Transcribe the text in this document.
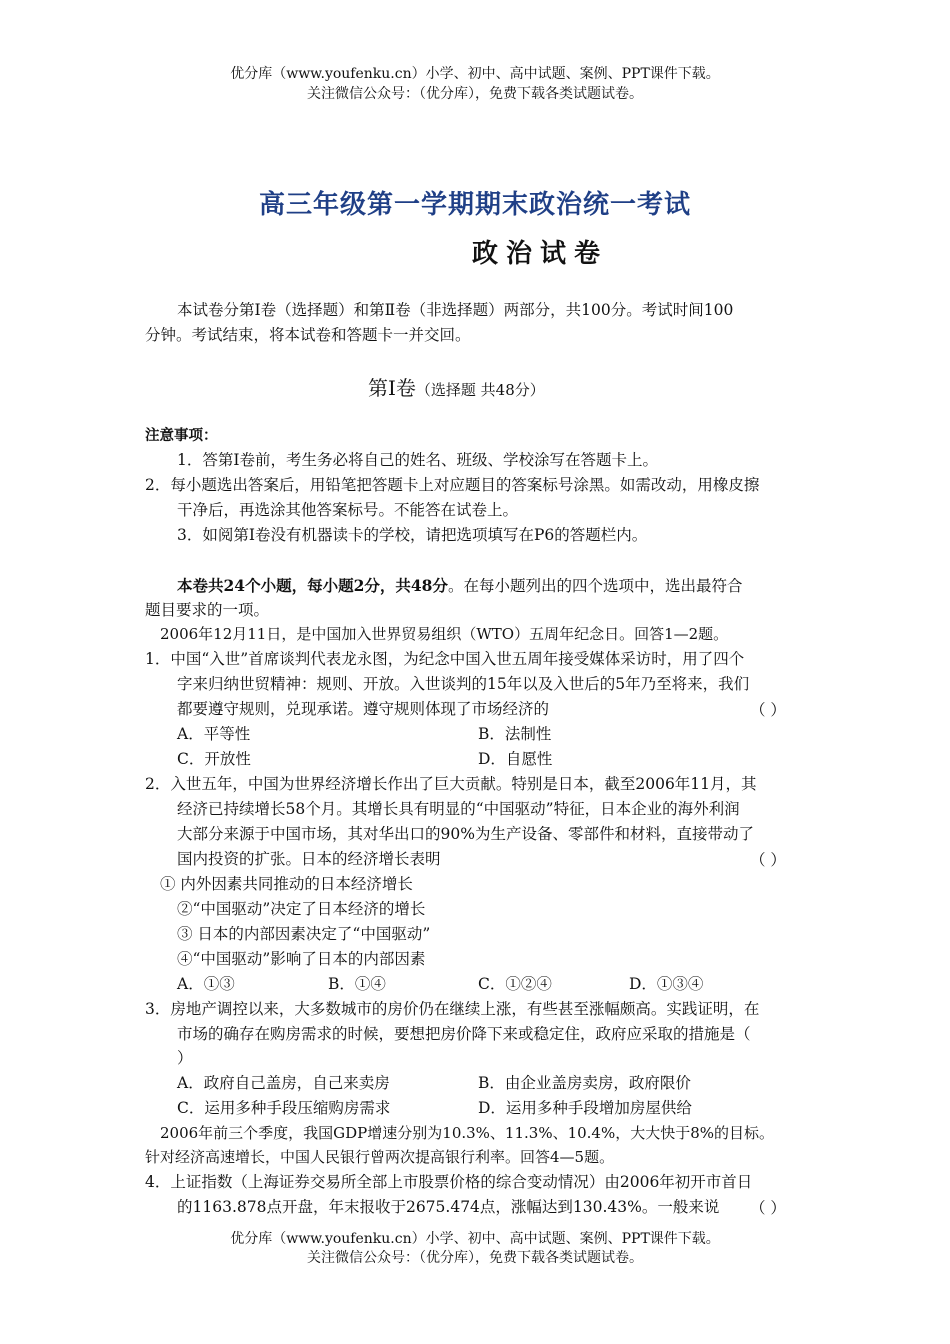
优分库（www.youfenku.cn）小学、初中、高中试题、案例、PPT课件下载。
关注微信公众号：（优分库），免费下载各类试题试卷。
高三年级第一学期期末政治统一考试
政治试卷
本试卷分第Ⅰ卷（选择题）和第Ⅱ卷（非选择题）两部分，共100分。考试时间100
分钟。考试结束，将本试卷和答题卡一并交回。
第Ⅰ卷（选择题 共48分）
注意事项：
1．答第Ⅰ卷前，考生务必将自己的姓名、班级、学校涂写在答题卡上。
2．每小题选出答案后，用铅笔把答题卡上对应题目的答案标号涂黑。如需改动，用橡皮擦
干净后，再选涂其他答案标号。不能答在试卷上。
3．如阅第Ⅰ卷没有机器读卡的学校，请把选项填写在P6的答题栏内。
本卷共24个小题，每小题2分，共48分。在每小题列出的四个选项中，选出最符合
题目要求的一项。
2006年12月11日，是中国加入世界贸易组织（WTO）五周年纪念日。回答1—2题。
1．中国“入世”首席谈判代表龙永图，为纪念中国入世五周年接受媒体采访时，用了四个
字来归纳世贸精神：规则、开放。入世谈判的15年以及入世后的5年乃至将来，我们
都要遵守规则，兑现承诺。遵守规则体现了市场经济的	（ ）
A．平等性	B．法制性
C．开放性	D．自愿性
2．入世五年，中国为世界经济增长作出了巨大贡献。特别是日本，截至2006年11月，其
经济已持续增长58个月。其增长具有明显的“中国驱动”特征，日本企业的海外利润
大部分来源于中国市场，其对华出口的90%为生产设备、零部件和材料，直接带动了
国内投资的扩张。日本的经济增长表明	（ ）
① 内外因素共同推动的日本经济增长
②“中国驱动”决定了日本经济的增长
③ 日本的内部因素决定了“中国驱动”
④“中国驱动”影响了日本的内部因素
A．①③	B．①④	C．①②④	D．①③④
3．房地产调控以来，大多数城市的房价仍在继续上涨，有些甚至涨幅颇高。实践证明，在
市场的确存在购房需求的时候，要想把房价降下来或稳定住，政府应采取的措施是（
）
A．政府自己盖房，自己来卖房	B．由企业盖房卖房，政府限价
C．运用多种手段压缩购房需求	D．运用多种手段增加房屋供给
2006年前三个季度，我国GDP增速分别为10.3%、11.3%、10.4%，大大快于8%的目标。
针对经济高速增长，中国人民银行曾两次提高银行利率。回答4—5题。
4．上证指数（上海证券交易所全部上市股票价格的综合变动情况）由2006年初开市首日
的1163.878点开盘，年末报收于2675.474点，涨幅达到130.43%。一般来说 （ ）
优分库（www.youfenku.cn）小学、初中、高中试题、案例、PPT课件下载。
关注微信公众号：（优分库），免费下载各类试题试卷。
